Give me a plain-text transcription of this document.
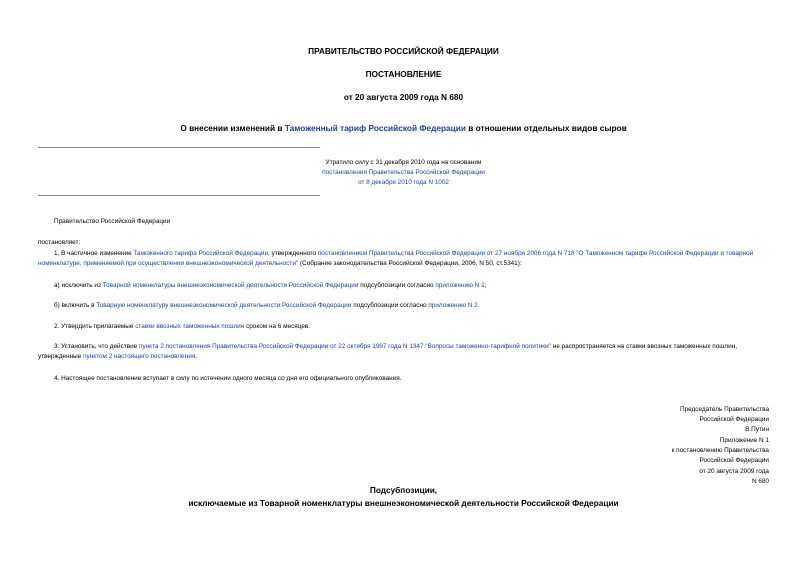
ПРАВИТЕЛЬСТВО РОССИЙСКОЙ ФЕДЕРАЦИИ
ПОСТАНОВЛЕНИЕ
от 20 августа 2009 года N 680
О внесении изменений в Таможенный тариф Российской Федерации в отношении отдельных видов сыров
Утратило силу с 31 декабря 2010 года на основании
постановления Правительства Российской Федерации
от 8 декабря 2010 года N 1002
Правительство Российской Федерации
постановляет:
1. В частичное изменение Таможенного тарифа Российской Федерации, утвержденного постановлением Правительства Российской Федерации от 27 ноября 2006 года N 718 "О Таможенном тарифе Российской Федерации и товарной номенклатуре, применяемой при осуществлении внешнеэкономической деятельности" (Собрание законодательства Российской Федерации, 2006, N 50, ст.5341):
а) исключить из Товарной номенклатуры внешнеэкономической деятельности Российской Федерации подсубпозиции согласно приложению N 1;
б) включить в Товарную номенклатуру внешнеэкономической деятельности Российской Федерации подсубпозиции согласно приложению N 2.
2. Утвердить прилагаемые ставки ввозных таможенных пошлин сроком на 6 месяцев.
3. Установить, что действие пункта 2 постановления Правительства Российской Федерации от 22 октября 1997 года N 1347 "Вопросы таможенно-тарифной политики" не распространяется на ставки ввозных таможенных пошлин, утвержденные пунктом 2 настоящего постановления.
4. Настоящее постановление вступает в силу по истечении одного месяца со дня его официального опубликования.
Председатель Правительства
Российской Федерации
В.Путин
Приложение N 1
к постановлению Правительства
Российской Федерации
от 20 августа 2009 года
N 680
Подсубпозиции,
исключаемые из Товарной номенклатуры внешнеэкономической деятельности Российской Федерации
